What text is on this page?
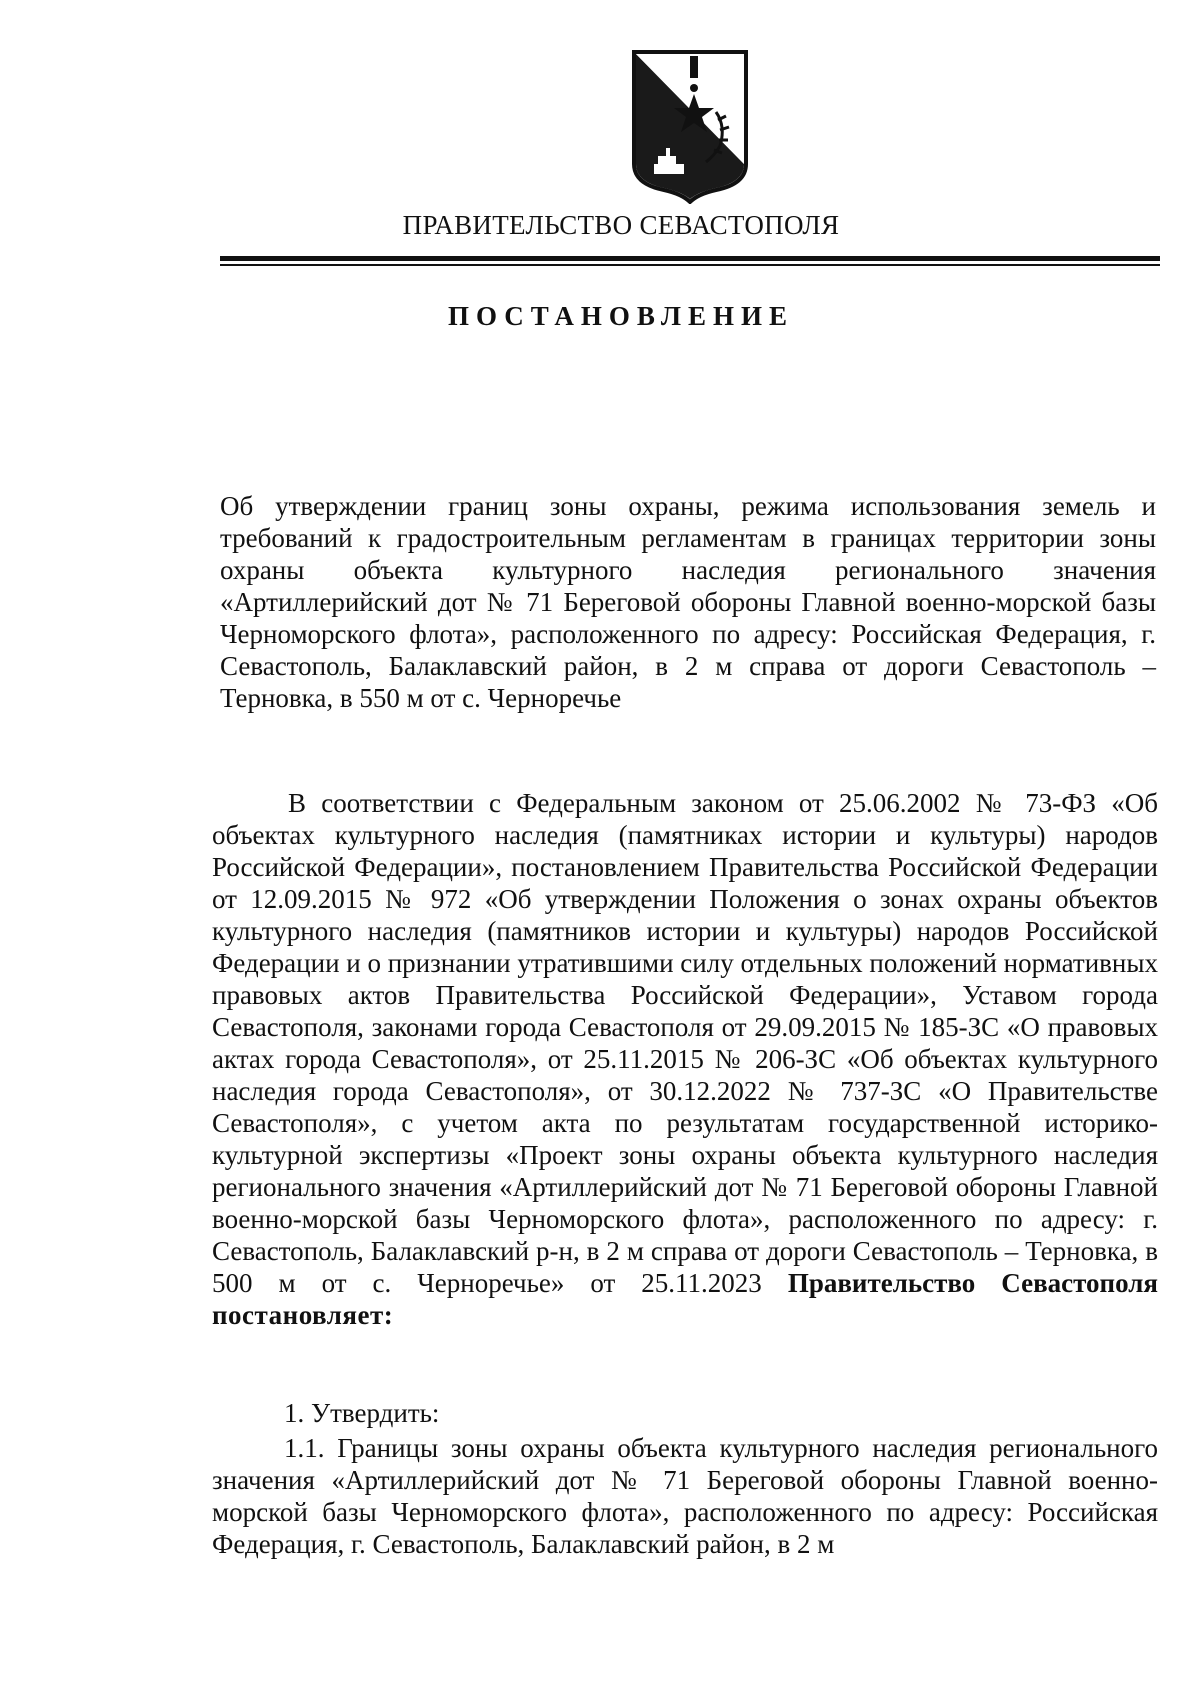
ПРАВИТЕЛЬСТВО СЕВАСТОПОЛЯ
ПОСТАНОВЛЕНИЕ
Об утверждении границ зоны охраны, режима использования земель и требований к градостроительным регламентам в границах территории зоны охраны объекта культурного наследия регионального значения «Артиллерийский дот № 71 Береговой обороны Главной военно-морской базы Черноморского флота», расположенного по адресу: Российская Федерация, г. Севастополь, Балаклавский район, в 2 м справа от дороги Севастополь – Терновка, в 550 м от с. Черноречье
В соответствии с Федеральным законом от 25.06.2002 № 73-ФЗ «Об объектах культурного наследия (памятниках истории и культуры) народов Российской Федерации», постановлением Правительства Российской Федерации от 12.09.2015 № 972 «Об утверждении Положения о зонах охраны объектов культурного наследия (памятников истории и культуры) народов Российской Федерации и о признании утратившими силу отдельных положений нормативных правовых актов Правительства Российской Федерации», Уставом города Севастополя, законами города Севастополя от 29.09.2015 № 185-ЗС «О правовых актах города Севастополя», от 25.11.2015 № 206-ЗС «Об объектах культурного наследия города Севастополя», от 30.12.2022 № 737-ЗС «О Правительстве Севастополя», с учетом акта по результатам государственной историко-культурной экспертизы «Проект зоны охраны объекта культурного наследия регионального значения «Артиллерийский дот № 71 Береговой обороны Главной военно-морской базы Черноморского флота», расположенного по адресу: г. Севастополь, Балаклавский р-н, в 2 м справа от дороги Севастополь – Терновка, в 500 м от с. Черноречье» от 25.11.2023 Правительство Севастополя постановляет:
1. Утвердить:
1.1. Границы зоны охраны объекта культурного наследия регионального значения «Артиллерийский дот № 71 Береговой обороны Главной военно-морской базы Черноморского флота», расположенного по адресу: Российская Федерация, г. Севастополь, Балаклавский район, в 2 м
